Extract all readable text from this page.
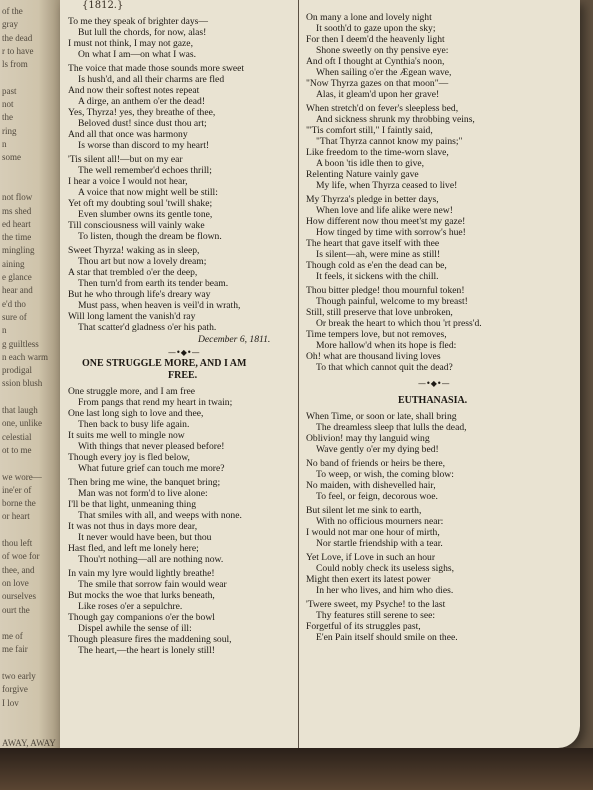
of the
gray
the dead
r to have
ls from
past
not
the
ring
n
some
not flow
ms shed
ed heart
the time
mingling
aining
e glance
hear and
e'd tho
sure of
n
g guiltless
n each warm
prodigal
ssion blush
that laugh
one, unlike
celestial
ot to me
we wore—
ine'er of
borne the
or heart
thou left
of woe for
thee, and
on love
ourselves
ourt the
me of
me fair
two early
forgive
I lov
AWAY, AWAY
{1812.}
To me they speak of brighter days—
But lull the chords, for now, alas!
I must not think, I may not gaze,
On what I am—on what I was.
The voice that made those sounds more sweet
Is hush'd, and all their charms are fled
And now their softest notes repeat
A dirge, an anthem o'er the dead!
Yes, Thyrza! yes, they breathe of thee,
Beloved dust! since dust thou art;
And all that once was harmony
Is worse than discord to my heart!
'Tis silent all!—but on my ear
The well remember'd echoes thrill;
I hear a voice I would not hear,
A voice that now might well be still:
Yet oft my doubting soul 'twill shake;
Even slumber owns its gentle tone,
Till consciousness will vainly wake
To listen, though the dream be flown.
Sweet Thyrza! waking as in sleep,
Thou art but now a lovely dream;
A star that trembled o'er the deep,
Then turn'd from earth its tender beam.
But he who through life's dreary way
Must pass, when heaven is veil'd in wrath,
Will long lament the vanish'd ray
That scatter'd gladness o'er his path.
December 6, 1811.
—•◆•—
ONE STRUGGLE MORE, AND I AM
FREE.
One struggle more, and I am free
From pangs that rend my heart in twain;
One last long sigh to love and thee,
Then back to busy life again.
It suits me well to mingle now
With things that never pleased before!
Though every joy is fled below,
What future grief can touch me more?
Then bring me wine, the banquet bring;
Man was not form'd to live alone:
I'll be that light, unmeaning thing
That smiles with all, and weeps with none.
It was not thus in days more dear,
It never would have been, but thou
Hast fled, and left me lonely here;
Thou'rt nothing—all are nothing now.
In vain my lyre would lightly breathe!
The smile that sorrow fain would wear
But mocks the woe that lurks beneath,
Like roses o'er a sepulchre.
Though gay companions o'er the bowl
Dispel awhile the sense of ill:
Though pleasure fires the maddening soul,
The heart,—the heart is lonely still!
On many a lone and lovely night
It sooth'd to gaze upon the sky;
For then I deem'd the heavenly light
Shone sweetly on thy pensive eye:
And oft I thought at Cynthia's noon,
When sailing o'er the Ægean wave,
"Now Thyrza gazes on that moon"—
Alas, it gleam'd upon her grave!
When stretch'd on fever's sleepless bed,
And sickness shrunk my throbbing veins,
"'Tis comfort still," I faintly said,
"That Thyrza cannot know my pains;"
Like freedom to the time-worn slave,
A boon 'tis idle then to give,
Relenting Nature vainly gave
My life, when Thyrza ceased to live!
My Thyrza's pledge in better days,
When love and life alike were new!
How different now thou meet'st my gaze!
How tinged by time with sorrow's hue!
The heart that gave itself with thee
Is silent—ah, were mine as still!
Though cold as e'en the dead can be,
It feels, it sickens with the chill.
Thou bitter pledge! thou mournful token!
Though painful, welcome to my breast!
Still, still preserve that love unbroken,
Or break the heart to which thou 'rt press'd.
Time tempers love, but not removes,
More hallow'd when its hope is fled:
Oh! what are thousand living loves
To that which cannot quit the dead?
—•◆•—
EUTHANASIA.
When Time, or soon or late, shall bring
The dreamless sleep that lulls the dead,
Oblivion! may thy languid wing
Wave gently o'er my dying bed!
No band of friends or heirs be there,
To weep, or wish, the coming blow:
No maiden, with dishevelled hair,
To feel, or feign, decorous woe.
But silent let me sink to earth,
With no officious mourners near:
I would not mar one hour of mirth,
Nor startle friendship with a tear.
Yet Love, if Love in such an hour
Could nobly check its useless sighs,
Might then exert its latest power
In her who lives, and him who dies.
'Twere sweet, my Psyche! to the last
Thy features still serene to see:
Forgetful of its struggles past,
E'en Pain itself should smile on thee.
